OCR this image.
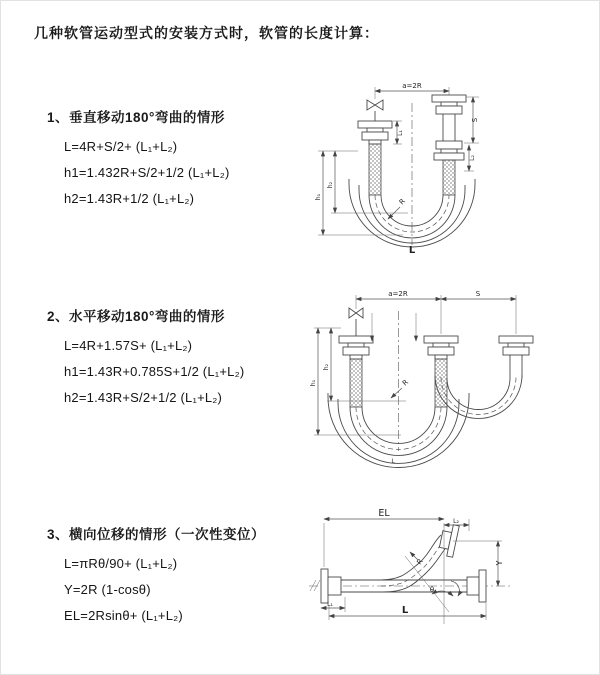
几种软管运动型式的安装方式时，软管的长度计算：
1、垂直移动180°弯曲的情形
L=4R+S/2+ (L₁+L₂)
h1=1.432R+S/2+1/2 (L₁+L₂)
h2=1.43R+1/2 (L₁+L₂)
2、水平移动180°弯曲的情形
L=4R+1.57S+ (L₁+L₂)
h1=1.43R+0.785S+1/2 (L₁+L₂)
h2=1.43R+S/2+1/2 (L₁+L₂)
3、横向位移的情形（一次性变位）
L=πRθ/90+ (L₁+L₂)
Y=2R (1-cosθ)
EL=2Rsinθ+ (L₁+L₂)
a=2R
R
h₁
h₂
L₁
S
L₂
L
a=2R	S
h₁
h₂
R
L
EL
L₂
Y
θ
R
L₁
L
